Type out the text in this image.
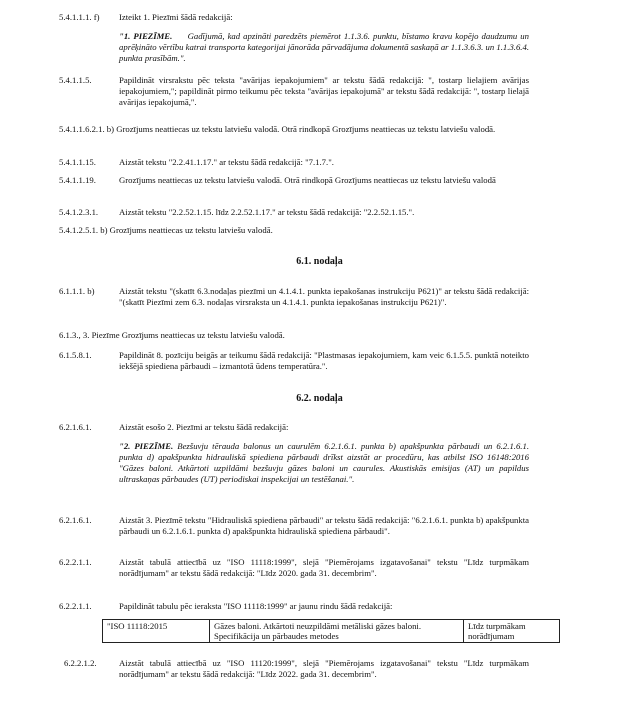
5.4.1.1.1. f) Izteikt 1. Piezīmi šādā redakcijā:
"1. PIEZĪME. Gadījumā, kad apzināti paredzēts piemērot 1.1.3.6. punktu, bīstamo kravu kopējo daudzumu un aprēķināto vērtību katrai transporta kategorijai jānorāda pārvadājuma dokumentā saskaņā ar 1.1.3.6.3. un 1.1.3.6.4. punkta prasībām.".
5.4.1.1.5.	Papildināt virsrakstu pēc teksta "avārijas iepakojumiem" ar tekstu šādā redakcijā: ", tostarp lielajiem avārijas iepakojumiem,"; papildināt pirmo teikumu pēc teksta "avārijas iepakojumā" ar tekstu šādā redakcijā: ", tostarp lielajā avārijas iepakojumā,".
5.4.1.1.6.2.1. b) Grozījums neattiecas uz tekstu latviešu valodā. Otrā rindkopā Grozījums neattiecas uz tekstu latviešu valodā.
5.4.1.1.15.	Aizstāt tekstu "2.2.41.1.17." ar tekstu šādā redakcijā: "7.1.7.".
5.4.1.1.19.	Grozījums neattiecas uz tekstu latviešu valodā. Otrā rindkopā Grozījums neattiecas uz tekstu latviešu valodā
5.4.1.2.3.1. Aizstāt tekstu "2.2.52.1.15. līdz 2.2.52.1.17." ar tekstu šādā redakcijā: "2.2.52.1.15.".
5.4.1.2.5.1. b) Grozījums neattiecas uz tekstu latviešu valodā.
6.1. nodaļa
6.1.1.1. b)	Aizstāt tekstu "(skatīt 6.3.nodaļas piezīmi un 4.1.4.1. punkta iepakošanas instrukciju P621)" ar tekstu šādā redakcijā: "(skatīt Piezīmi zem 6.3. nodaļas virsraksta un 4.1.4.1. punkta iepakošanas instrukciju P621)".
6.1.3., 3. Piezīme Grozījums neattiecas uz tekstu latviešu valodā.
6.1.5.8.1.	Papildināt 8. pozīciju beigās ar teikumu šādā redakcijā: "Plastmasas iepakojumiem, kam veic 6.1.5.5. punktā noteikto iekšējā spiediena pārbaudi – izmantotā ūdens temperatūra.".
6.2. nodaļa
6.2.1.6.1.	Aizstāt esošo 2. Piezīmi ar tekstu šādā redakcijā:
"2. PIEZĪME. Bezšuvju tērauda balonus un caurulēm 6.2.1.6.1. punkta b) apakšpunkta pārbaudi un 6.2.1.6.1. punkta d) apakšpunkta hidrauliskā spiediena pārbaudi drīkst aizstāt ar procedūru, kas atbilst ISO 16148:2016 "Gāzes baloni. Atkārtoti uzpildāmi bezšuvju gāzes baloni un caurules. Akustiskās emisijas (AT) un papildus ultraskaņas pārbaudes (UT) periodiskai inspekcijai un testēšanai.".
6.2.1.6.1.	Aizstāt 3. Piezīmē tekstu "Hidrauliskā spiediena pārbaudi" ar tekstu šādā redakcijā: "6.2.1.6.1. punkta b) apakšpunkta pārbaudi un 6.2.1.6.1. punkta d) apakšpunkta hidrauliskā spiediena pārbaudi".
6.2.2.1.1.	Aizstāt tabulā attiecībā uz "ISO 11118:1999", slejā "Piemērojams izgatavošanai" tekstu "Līdz turpmākam norādījumam" ar tekstu šādā redakcijā: "Līdz 2020. gada 31. decembrim".
6.2.2.1.1.	Papildināt tabulu pēc ieraksta "ISO 11118:1999" ar jaunu rindu šādā redakcijā:
"ISO 11118:2015	Gāzes baloni. Atkārtoti neuzpildāmi metāliski gāzes baloni. Specifikācija un pārbaudes metodes	Līdz turpmākam norādījumam
6.2.2.1.2.	Aizstāt tabulā attiecībā uz "ISO 11120:1999", slejā "Piemērojams izgatavošanai" tekstu "Līdz turpmākam norādījumam" ar tekstu šādā redakcijā: "Līdz 2022. gada 31. decembrim".
